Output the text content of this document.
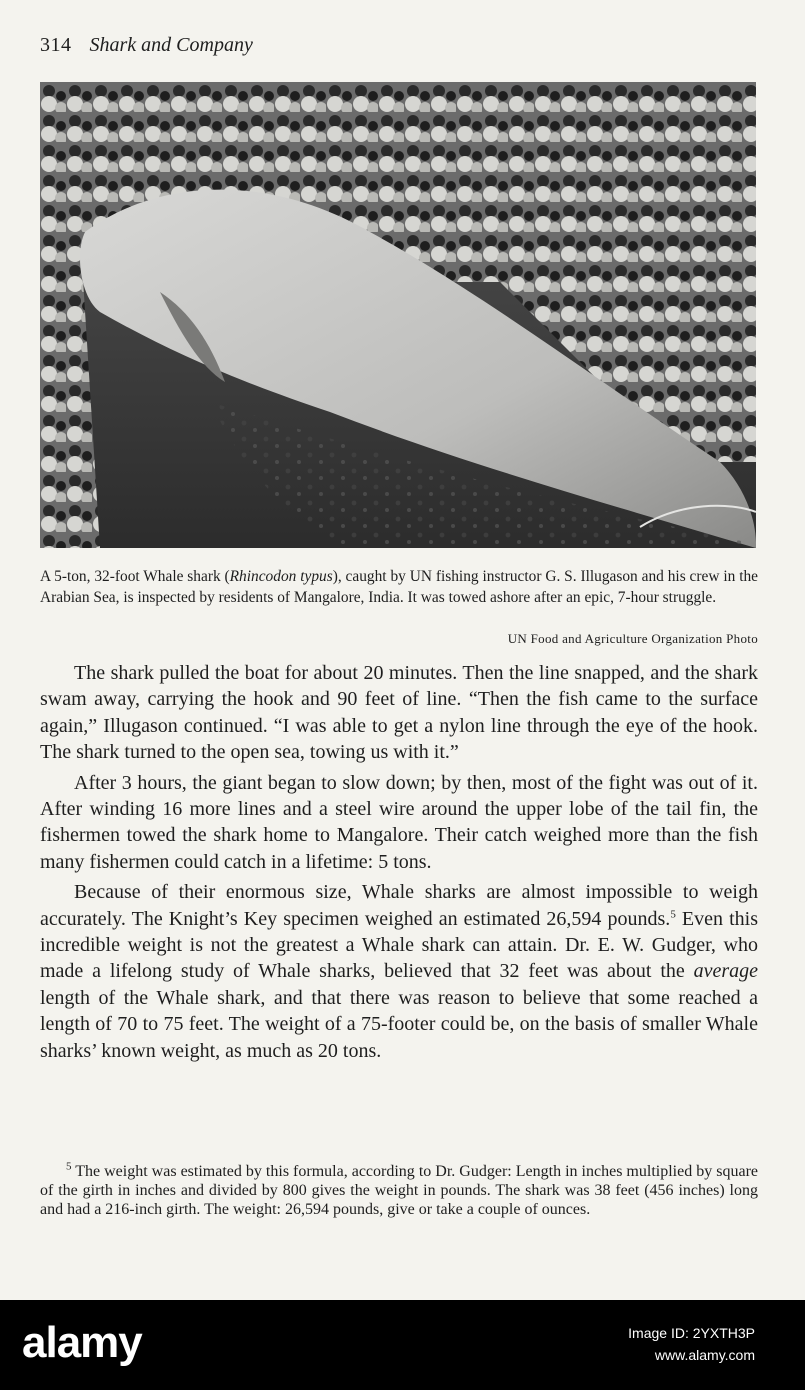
314 Shark and Company

A 5-ton, 32-foot Whale shark (Rhincodon typus), caught by UN fishing instructor G. S. Illugason and his crew in the Arabian Sea, is inspected by residents of Mangalore, India. It was towed ashore after an epic, 7-hour struggle.

UN Food and Agriculture Organization Photo

The shark pulled the boat for about 20 minutes. Then the line snapped, and the shark swam away, carrying the hook and 90 feet of line. “Then the fish came to the surface again,” Illugason continued. “I was able to get a nylon line through the eye of the hook. The shark turned to the open sea, towing us with it.”

After 3 hours, the giant began to slow down; by then, most of the fight was out of it. After winding 16 more lines and a steel wire around the upper lobe of the tail fin, the fishermen towed the shark home to Mangalore. Their catch weighed more than the fish many fishermen could catch in a lifetime: 5 tons.

Because of their enormous size, Whale sharks are almost impossible to weigh accurately. The Knight’s Key specimen weighed an estimated 26,594 pounds.$^5$ Even this incredible weight is not the greatest a Whale shark can attain. Dr. E. W. Gudger, who made a lifelong study of Whale sharks, believed that 32 feet was about the average length of the Whale shark, and that there was reason to believe that some reached a length of 70 to 75 feet. The weight of a 75-footer could be, on the basis of smaller Whale sharks’ known weight, as much as 20 tons.

$^5$ The weight was estimated by this formula, according to Dr. Gudger: Length in inches multiplied by square of the girth in inches and divided by 800 gives the weight in pounds. The shark was 38 feet (456 inches) long and had a 216-inch girth. The weight: 26,594 pounds, give or take a couple of ounces.

alamy	Image ID: 2YXTH3P
www.alamy.com
